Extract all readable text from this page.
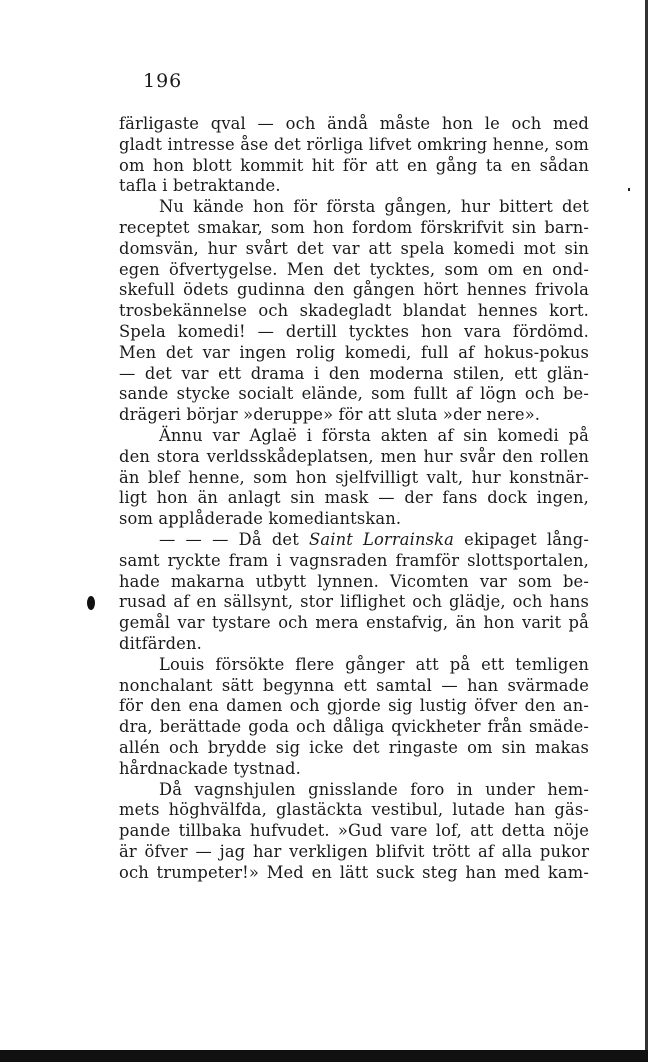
196
färligaste qval — och ändå måste hon le och med
gladt intresse åse det rörliga lifvet omkring henne, som
om hon blott kommit hit för att en gång ta en sådan
tafla i betraktande.
Nu kände hon för första gången, hur bittert det
receptet smakar, som hon fordom förskrifvit sin barn-
domsvän, hur svårt det var att spela komedi mot sin
egen öfvertygelse. Men det tycktes, som om en ond-
skefull ödets gudinna den gången hört hennes frivola
trosbekännelse och skadegladt blandat hennes kort.
Spela komedi! — dertill tycktes hon vara fördömd.
Men det var ingen rolig komedi, full af hokus-pokus
— det var ett drama i den moderna stilen, ett glän-
sande stycke socialt elände, som fullt af lögn och be-
drägeri börjar »deruppe» för att sluta »der nere».
Ännu var Aglaë i första akten af sin komedi på
den stora verldsskådeplatsen, men hur svår den rollen
än blef henne, som hon sjelfvilligt valt, hur konstnär-
ligt hon än anlagt sin mask — der fans dock ingen,
som applåderade komediantskan.
— — — Då det Saint Lorrainska ekipaget lång-
samt ryckte fram i vagnsraden framför slottsportalen,
hade makarna utbytt lynnen. Vicomten var som be-
rusad af en sällsynt, stor liflighet och glädje, och hans
gemål var tystare och mera enstafvig, än hon varit på
ditfärden.
Louis försökte flere gånger att på ett temligen
nonchalant sätt begynna ett samtal — han svärmade
för den ena damen och gjorde sig lustig öfver den an-
dra, berättade goda och dåliga qvickheter från smäde-
allén och brydde sig icke det ringaste om sin makas
hårdnackade tystnad.
Då vagnshjulen gnisslande foro in under hem-
mets höghvälfda, glastäckta vestibul, lutade han gäs-
pande tillbaka hufvudet. »Gud vare lof, att detta nöje
är öfver — jag har verkligen blifvit trött af alla pukor
och trumpeter!» Med en lätt suck steg han med kam-
